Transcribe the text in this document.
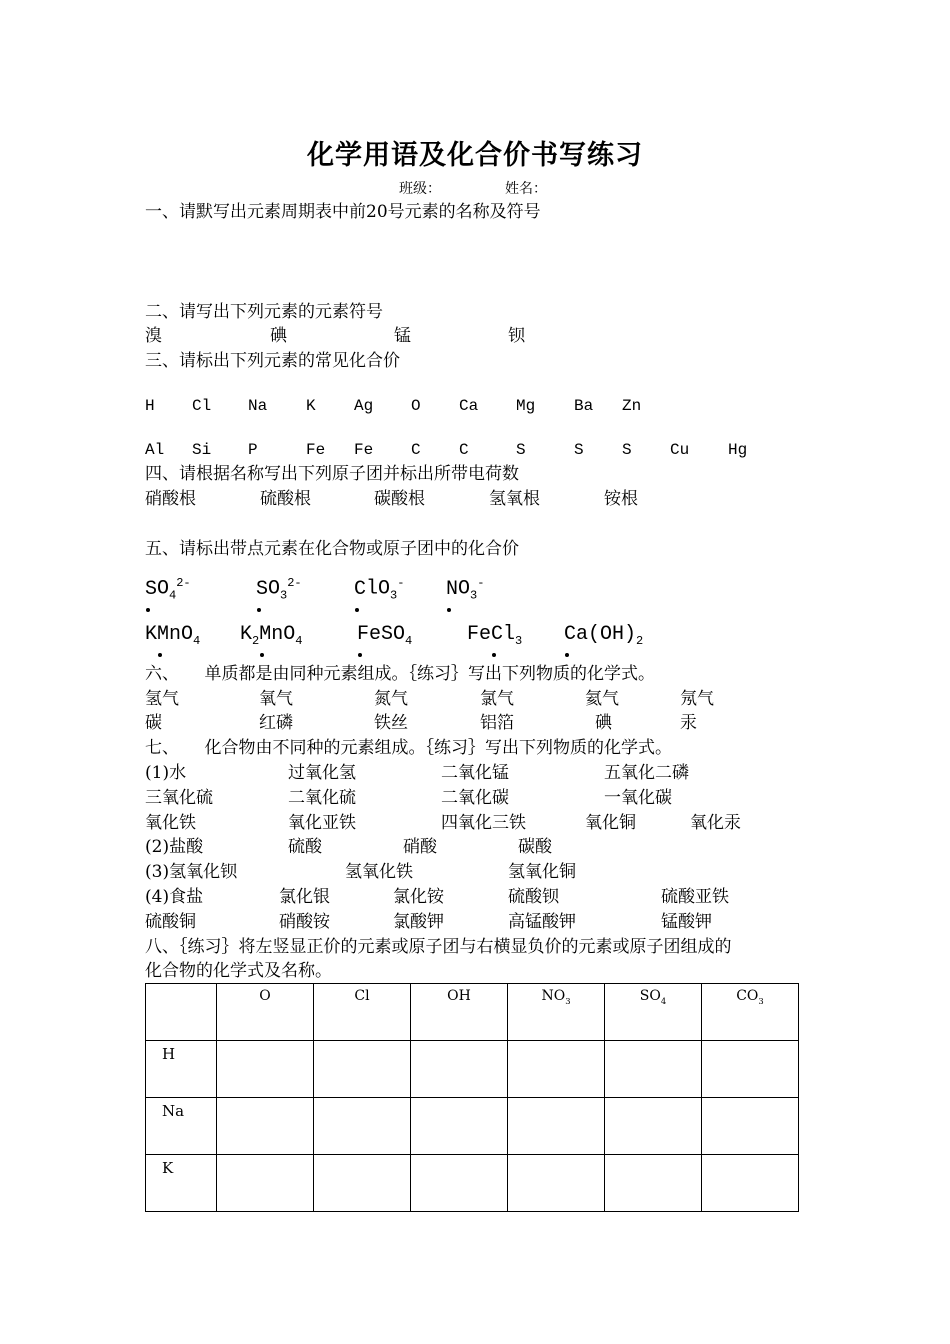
化学用语及化合价书写练习
班级：	姓名：
一、请默写出元素周期表中前20号元素的名称及符号
二、请写出下列元素的元素符号
溴	碘	锰	钡
三、请标出下列元素的常见化合价
H Cl Na K Ag O Ca Mg Ba Zn
Al Si P	Fe Fe C C	S	S S Cu Hg
四、请根据名称写出下列原子团并标出所带电荷数
硝酸根	硫酸根	碳酸根	氢氧根	铵根
五、请标出带点元素在化合物或原子团中的化合价
$SO_4^{2-}$	$SO_3^{2-}$	ClO$_3$- $NO_3^-$
KMnO$_4$ $K_2MnO_4$	FeSO$_4$	FeCl$_3$ $Ca(OH)_2$
六、　　单质都是由同种元素组成。｛练习｝写出下列物质的化学式。
氢气	氧气	氮气	氯气	氦气	氖气
碳	红磷	铁丝	铝箔	碘	汞
七、　　化合物由不同种的元素组成。｛练习｝写出下列物质的化学式。
(1)水	过氧化氢	二氧化锰	五氧化二磷
三氧化硫	二氧化硫	二氧化碳	一氧化碳
氧化铁	氧化亚铁	四氧化三铁	氧化铜	氧化汞
(2)盐酸	硫酸	硝酸	碳酸
(3)氢氧化钡	氢氧化铁	氢氧化铜
(4)食盐	氯化银	氯化铵	硫酸钡	硫酸亚铁
硫酸铜	硝酸铵	氯酸钾	高锰酸钾	锰酸钾
八、｛练习｝将左竖显正价的元素或原子团与右横显负价的元素或原子团组成的
化合物的化学式及名称。
	O	Cl	OH	$NO_3$	$SO_4$	$CO_3$
H						
Na						
K						
